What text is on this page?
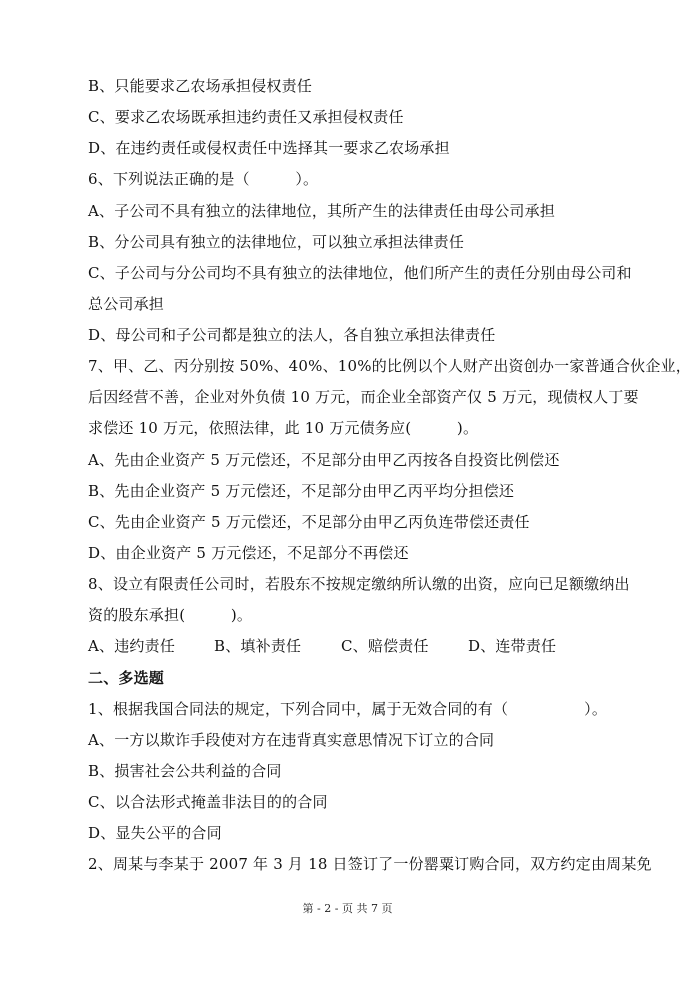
B、只能要求乙农场承担侵权责任
C、要求乙农场既承担违约责任又承担侵权责任
D、在违约责任或侵权责任中选择其一要求乙农场承担
6、下列说法正确的是（　　　）。
A、子公司不具有独立的法律地位，其所产生的法律责任由母公司承担
B、分公司具有独立的法律地位，可以独立承担法律责任
C、子公司与分公司均不具有独立的法律地位，他们所产生的责任分别由母公司和
总公司承担
D、母公司和子公司都是独立的法人，各自独立承担法律责任
7、甲、乙、丙分别按 50%、40%、10%的比例以个人财产出资创办一家普通合伙企业，
后因经营不善，企业对外负债 10 万元，而企业全部资产仅 5 万元，现债权人丁要
求偿还 10 万元，依照法律，此 10 万元债务应(　　　)。
A、先由企业资产 5 万元偿还，不足部分由甲乙丙按各自投资比例偿还
B、先由企业资产 5 万元偿还，不足部分由甲乙丙平均分担偿还
C、先由企业资产 5 万元偿还，不足部分由甲乙丙负连带偿还责任
D、由企业资产 5 万元偿还，不足部分不再偿还
8、设立有限责任公司时，若股东不按规定缴纳所认缴的出资，应向已足额缴纳出
资的股东承担(　　　)。
A、违约责任	B、填补责任	C、赔偿责任	D、连带责任
二、多选题
1、根据我国合同法的规定，下列合同中，属于无效合同的有（　　　　　）。
A、一方以欺诈手段使对方在违背真实意思情况下订立的合同
B、损害社会公共利益的合同
C、以合法形式掩盖非法目的的合同
D、显失公平的合同
2、周某与李某于 2007 年 3 月 18 日签订了一份罂粟订购合同，双方约定由周某免
第 - 2 - 页 共 7 页
